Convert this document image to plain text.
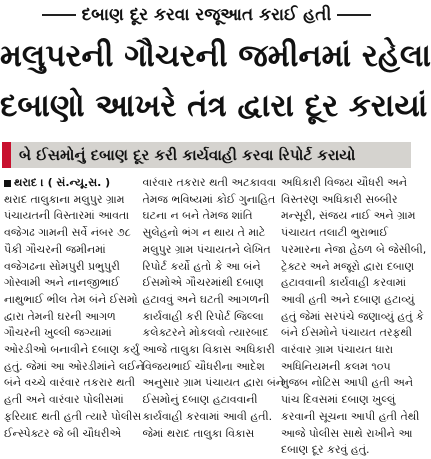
દબાણ દૂર કરવા રજૂઆત કરાઈ હતી
મલુપરની ગૌચરની જમીનમાં રહેલા
દબાણો આખરે તંત્ર દ્વારા દૂર કરાયાં
બે ઈસમોનું દબાણ દૂર કરી કાર્યવાહી કરવા રિપોર્ટ કરાયો
થરાદ । ( સં.ન્યૂ.સ. )
થરાદ તાલુકાના મલુપુર ગ્રામ
પંચાયતની વિસ્તારમાં આવતા
વજેગઢ ગામની સર્વે નંબર ૭૮
પૈકી ગૌચરની જમીનમાં
વજેગઢના સોમપુરી પ્રભુપુરી
ગોસ્વામી અને નાનજીભાઈ
નાથુભાઈ ભીલ તેમ બંને ઈસમો
દ્વારા તેમની ઘરની આગળ
ગૌચરની ખુલ્લી જગ્યામાં
ઓરડીઓ બનાવીને દબાણ કર્યું
હતું. જેમાં આ ઓરડીમાંને લઈને
બંને વચ્ચે વારંવાર તકરાર થતી
હતી અને વારંવાર પોલીસમાં
ફરિયાદ થતી હતી ત્યારે પોલીસ
ઈન્સ્પેક્ટર જે બી ચૌધરીએ
વારંવાર તકરાર થતી અટકાવવા
તેમજ ભવિષ્યમાં કોઈ ગુનાહિત
ઘટના ન બને તેમજ શાંતિ
સુલેહનો ભંગ ન થાય તે માટે
મલુપુર ગ્રામ પંચાયતને લેખિત
રિપોર્ટ કર્યો હતો કે આ બંને
ઈસમોએ ગૌચરમાંથી દબાણ
હટાવવું અને ઘટતી આગળની
કાર્યવાહી કરી રિપોર્ટ જિલ્લા
કલેક્ટરને મોકલવો ત્યારબાદ
આજે તાલુકા વિકાસ અધિકારી
વિજયભાઈ ચૌધરીના આદેશ
અનુસાર ગ્રામ પંચાયત દ્વારા બંને
ઈસમોનું દબાણ હટાવવાની
કાર્યવાહી કરવામાં આવી હતી.
જેમાં થરાદ તાલુકા વિકાસ
અધિકારી વિજય ચૌધરી અને
વિસ્તરણ અધિકારી સબ્બીર
મન્સૂરી, સંજય નાઈ અને ગ્રામ
પંચાયત તલાટી ભુરાભાઈ
પરમારના નેજા હેઠળ બે જેસીબી,
ટ્રેક્ટર અને મજૂરો દ્વારા દબાણ
હટાવવાની કાર્યવાહી કરવામાં
આવી હતી અને દબાણ હટાવ્યું
હતું જેમાં સરપંચે જણાવ્યું હતું કે
બંને ઈસમોને પંચાયત તરફથી
વારંવાર ગ્રામ પંચાયત ધારા
અધિનિયમની કલમ ૧૦૫
મુજબ નોટિસ આપી હતી અને
પાંચ દિવસમાં દબાણ ખુલ્લું
કરવાની સૂચના આપી હતી તેથી
આજે પોલીસ સાથે રાખીને આ
દબાણ દૂર કરવું હતું.
